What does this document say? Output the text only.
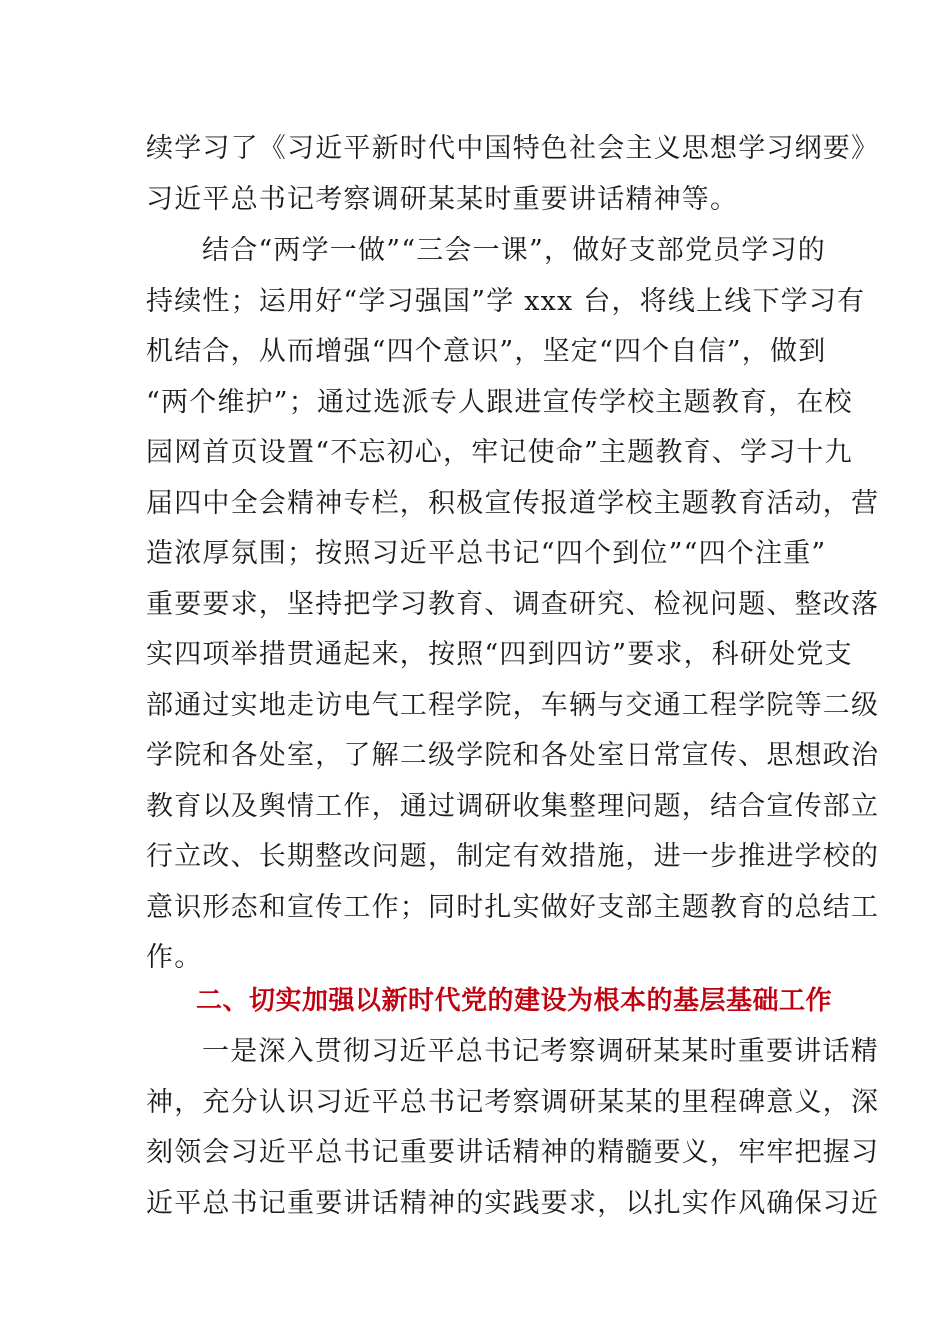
续学习了《习近平新时代中国特色社会主义思想学习纲要》
习近平总书记考察调研某某时重要讲话精神等。
结合“两学一做”“三会一课”，做好支部党员学习的
持续性；运用好“学习强国”学 xxx 台，将线上线下学习有
机结合，从而增强“四个意识”，坚定“四个自信”，做到
“两个维护”；通过选派专人跟进宣传学校主题教育，在校
园网首页设置“不忘初心，牢记使命”主题教育、学习十九
届四中全会精神专栏，积极宣传报道学校主题教育活动，营
造浓厚氛围；按照习近平总书记“四个到位”“四个注重”
重要要求，坚持把学习教育、调查研究、检视问题、整改落
实四项举措贯通起来，按照“四到四访”要求，科研处党支
部通过实地走访电气工程学院，车辆与交通工程学院等二级
学院和各处室，了解二级学院和各处室日常宣传、思想政治
教育以及舆情工作，通过调研收集整理问题，结合宣传部立
行立改、长期整改问题，制定有效措施，进一步推进学校的
意识形态和宣传工作；同时扎实做好支部主题教育的总结工
作。
二、切实加强以新时代党的建设为根本的基层基础工作
一是深入贯彻习近平总书记考察调研某某时重要讲话精
神，充分认识习近平总书记考察调研某某的里程碑意义，深
刻领会习近平总书记重要讲话精神的精髓要义，牢牢把握习
近平总书记重要讲话精神的实践要求，以扎实作风确保习近
